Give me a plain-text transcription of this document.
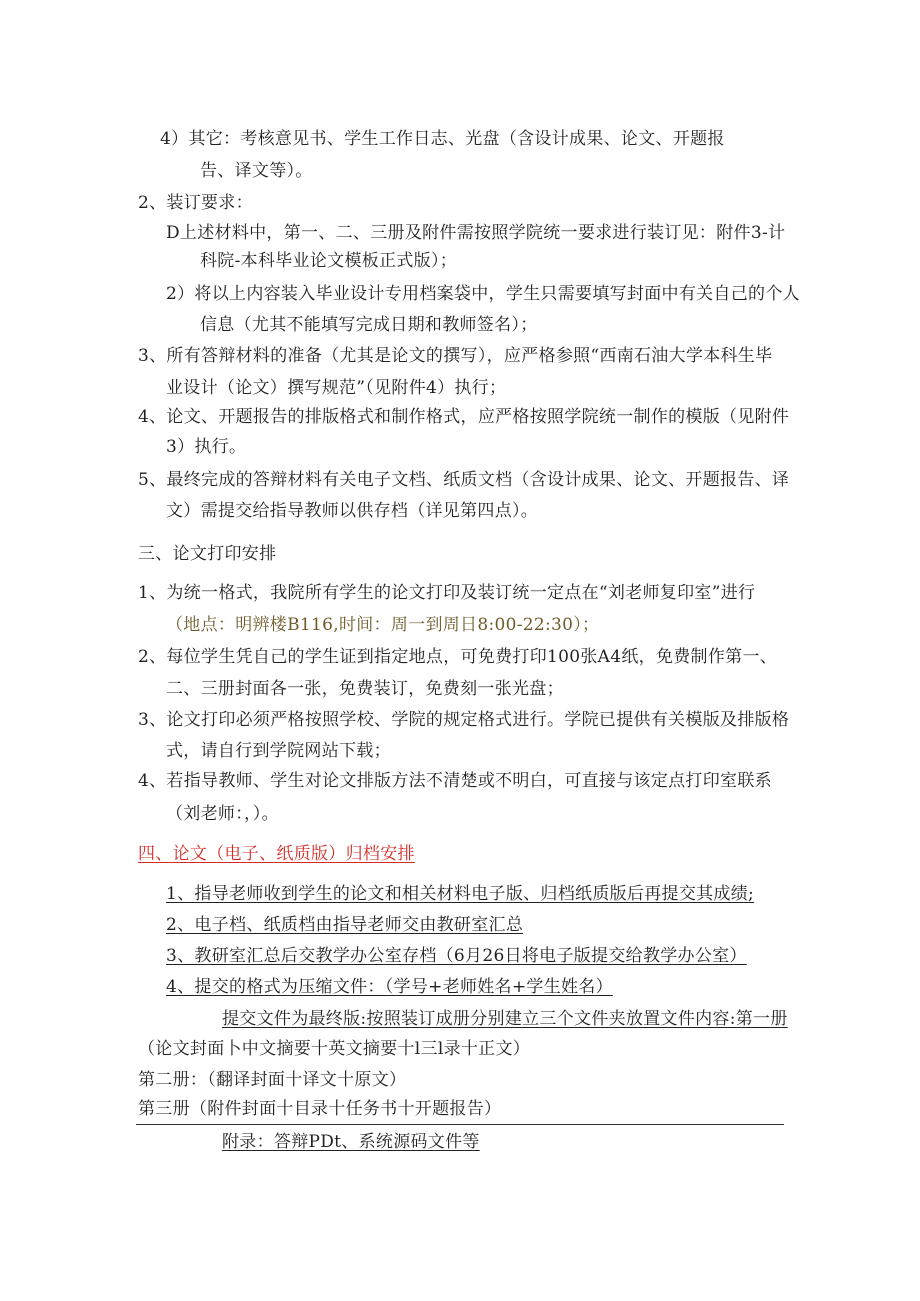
4）其它：考核意见书、学生工作日志、光盘（含设计成果、论文、开题报
告、译文等）。
2、装订要求：
D上述材料中，第一、二、三册及附件需按照学院统一要求进行装订见：附件3-计
科院-本科毕业论文模板正式版）；
2）将以上内容装入毕业设计专用档案袋中，学生只需要填写封面中有关自己的个人
信息（尤其不能填写完成日期和教师签名）；
3、所有答辩材料的准备（尤其是论文的撰写），应严格参照“西南石油大学本科生毕
业设计（论文）撰写规范”（见附件4）执行；
4、论文、开题报告的排版格式和制作格式，应严格按照学院统一制作的模版（见附件
3）执行。
5、最终完成的答辩材料有关电子文档、纸质文档（含设计成果、论文、开题报告、译
文）需提交给指导教师以供存档（详见第四点）。
三、论文打印安排
1、为统一格式，我院所有学生的论文打印及装订统一定点在“刘老师复印室”进行
（地点：明辨楼B116,时间：周一到周日8:00-22:30）；
2、每位学生凭自己的学生证到指定地点，可免费打印100张A4纸，免费制作第一、
二、三册封面各一张，免费装订，免费刻一张光盘；
3、论文打印必须严格按照学校、学院的规定格式进行。学院已提供有关模版及排版格
式，请自行到学院网站下载；
4、若指导教师、学生对论文排版方法不清楚或不明白，可直接与该定点打印室联系
（刘老师：，）。
四、论文（电子、纸质版）归档安排
1、指导老师收到学生的论文和相关材料电子版、归档纸质版后再提交其成绩;
2、电子档、纸质档由指导老师交由教研室汇总
3、教研室汇总后交教学办公室存档（6月26日将电子版提交给教学办公室）
4、提交的格式为压缩文件：（学号+老师姓名+学生姓名）
提交文件为最终版:按照装订成册分别建立三个文件夹放置文件内容:第一册
（论文封面卜中文摘要十英文摘要十l三l录十正文）
第二册：（翻译封面十译文十原文）
第三册（附件封面十目录十任务书十开题报告）
附录：答辩PDt、系统源码文件等
